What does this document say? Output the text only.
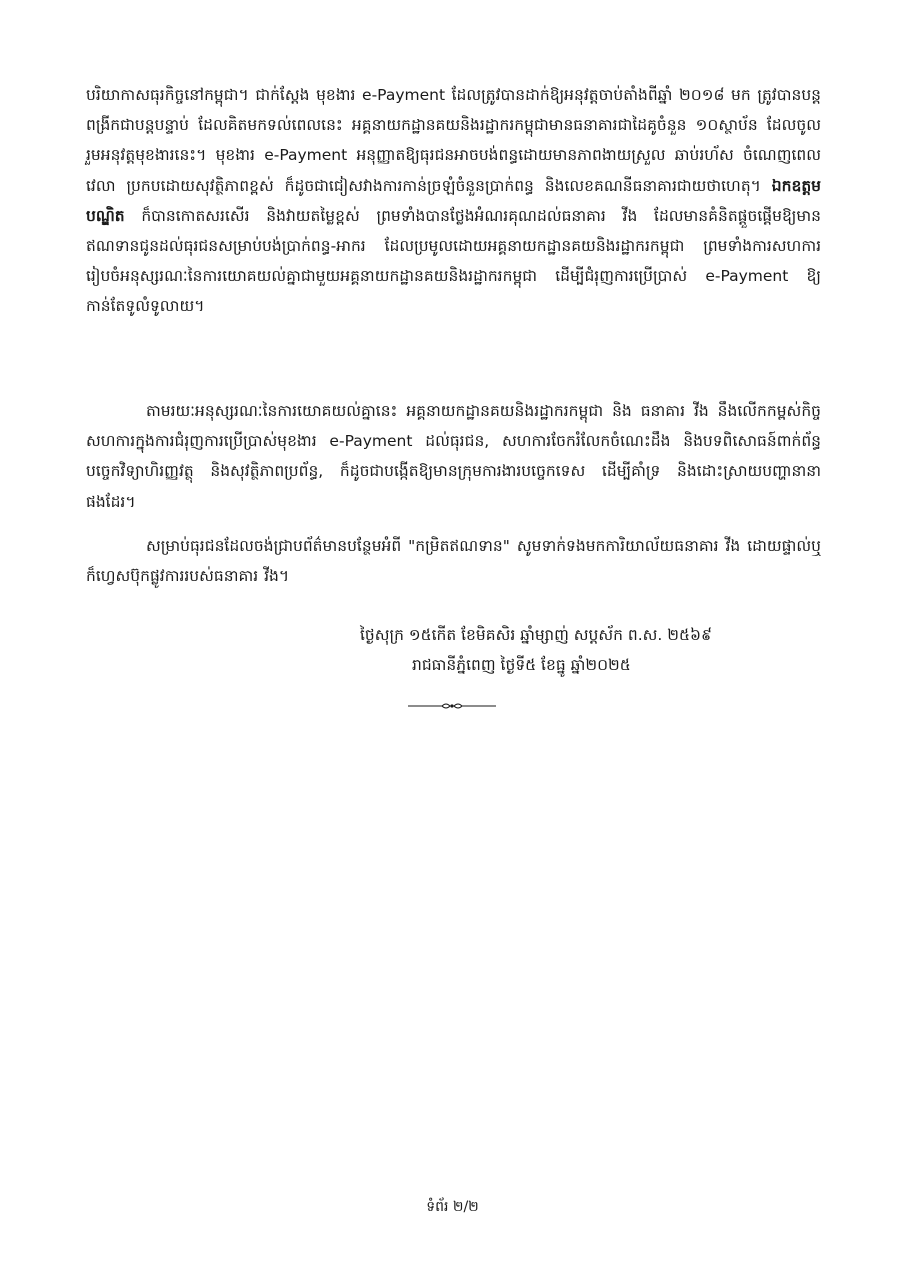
បរិយាកាសធុរកិច្ចនៅកម្ពុជា។ ជាក់ស្តែង មុខងារ e-Payment ដែលត្រូវបានដាក់ឱ្យអនុវត្តចាប់តាំងពីឆ្នាំ ២០១៨ មក ត្រូវបានបន្តពង្រីកជាបន្តបន្ទាប់ ដែលគិតមកទល់ពេលនេះ អគ្គនាយកដ្ឋានគយនិងរដ្ឋាករកម្ពុជាមានធនាគារជាដៃគូចំនួន ១០ស្ថាប័ន ដែលចូលរួមអនុវត្តមុខងារនេះ។ មុខងារ e-Payment អនុញ្ញាតឱ្យធុរជនអាចបង់ពន្ធដោយមានភាពងាយស្រួល ឆាប់រហ័ស ចំណេញពេលវេលា ប្រកបដោយសុវត្ថិភាពខ្ពស់ ក៏ដូចជាជៀសវាងការកាន់ច្រឡំចំនួនប្រាក់ពន្ធ និងលេខគណនីធនាគារជាយថាហេតុ។ ឯកឧត្តមបណ្ឌិត ក៏បានកោតសរសើរ និងវាយតម្លៃខ្ពស់ ព្រមទាំងបានថ្លែងអំណរគុណដល់ធនាគារ វីង ដែលមានគំនិតផ្តួចផ្តើមឱ្យមានឥណទានជូនដល់ធុរជនសម្រាប់បង់ប្រាក់ពន្ធ-អាករ ដែលប្រមូលដោយអគ្គនាយកដ្ឋានគយនិងរដ្ឋាករកម្ពុជា ព្រមទាំងការសហការរៀបចំអនុស្សរណៈនៃការយោគយល់គ្នាជាមួយអគ្គនាយកដ្ឋានគយនិងរដ្ឋាករកម្ពុជា ដើម្បីជំរុញការប្រើប្រាស់ e-Payment ឱ្យកាន់តែទូលំទូលាយ។

តាមរយៈអនុស្សរណៈនៃការយោគយល់គ្នានេះ អគ្គនាយកដ្ឋានគយនិងរដ្ឋាករកម្ពុជា និង ធនាគារ វីង នឹងលើកកម្ពស់កិច្ចសហការក្នុងការជំរុញការប្រើប្រាស់មុខងារ e-Payment ដល់ធុរជន, សហការចែករំលែកចំណេះដឹង និងបទពិសោធន៍ពាក់ព័ន្ធបច្ចេកវិទ្យាហិរញ្ញវត្ថុ និងសុវត្ថិភាពប្រព័ន្ធ, ក៏ដូចជាបង្កើតឱ្យមានក្រុមការងារបច្ចេកទេស ដើម្បីគាំទ្រ និងដោះស្រាយបញ្ហានានាផងដែរ។

សម្រាប់ធុរជនដែលចង់ជ្រាបព័ត៌មានបន្ថែមអំពី "កម្រិតឥណទាន" សូមទាក់ទងមកការិយាល័យធនាគារ វីង ដោយផ្ទាល់ឬក៏ហ្វេសប៊ុកផ្លូវការរបស់ធនាគារ វីង។

ថ្ងៃសុក្រ ១៥កើត ខែមិគសិរ ឆ្នាំម្សាញ់ សប្តស័ក ព.ស. ២៥៦៩
រាជធានីភ្នំពេញ ថ្ងៃទី៥ ខែធ្នូ ឆ្នាំ២០២៥
ទំព័រ ២/២
